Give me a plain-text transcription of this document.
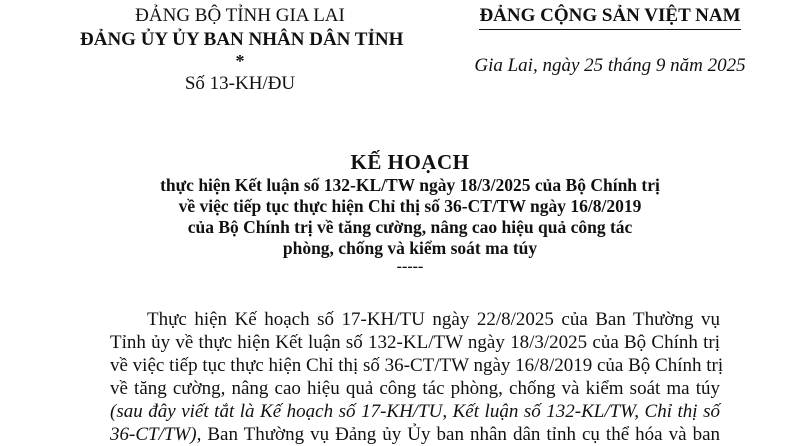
ĐẢNG BỘ TỈNH GIA LAI
ĐẢNG ỦY ỦY BAN NHÂN DÂN TỈNH
*
Số 13-KH/ĐU
ĐẢNG CỘNG SẢN VIỆT NAM
Gia Lai, ngày 25 tháng 9 năm 2025
KẾ HOẠCH
thực hiện Kết luận số 132-KL/TW ngày 18/3/2025 của Bộ Chính trị
về việc tiếp tục thực hiện Chỉ thị số 36-CT/TW ngày 16/8/2019
của Bộ Chính trị về tăng cường, nâng cao hiệu quả công tác
phòng, chống và kiểm soát ma túy
-----
Thực hiện Kế hoạch số 17-KH/TU ngày 22/8/2025 của Ban Thường vụ
Tỉnh ủy về thực hiện Kết luận số 132-KL/TW ngày 18/3/2025 của Bộ Chính trị
về việc tiếp tục thực hiện Chỉ thị số 36-CT/TW ngày 16/8/2019 của Bộ Chính trị
về tăng cường, nâng cao hiệu quả công tác phòng, chống và kiểm soát ma túy
(sau đây viết tắt là Kế hoạch số 17-KH/TU, Kết luận số 132-KL/TW, Chỉ thị số
36-CT/TW), Ban Thường vụ Đảng ủy Ủy ban nhân dân tỉnh cụ thể hóa và ban
